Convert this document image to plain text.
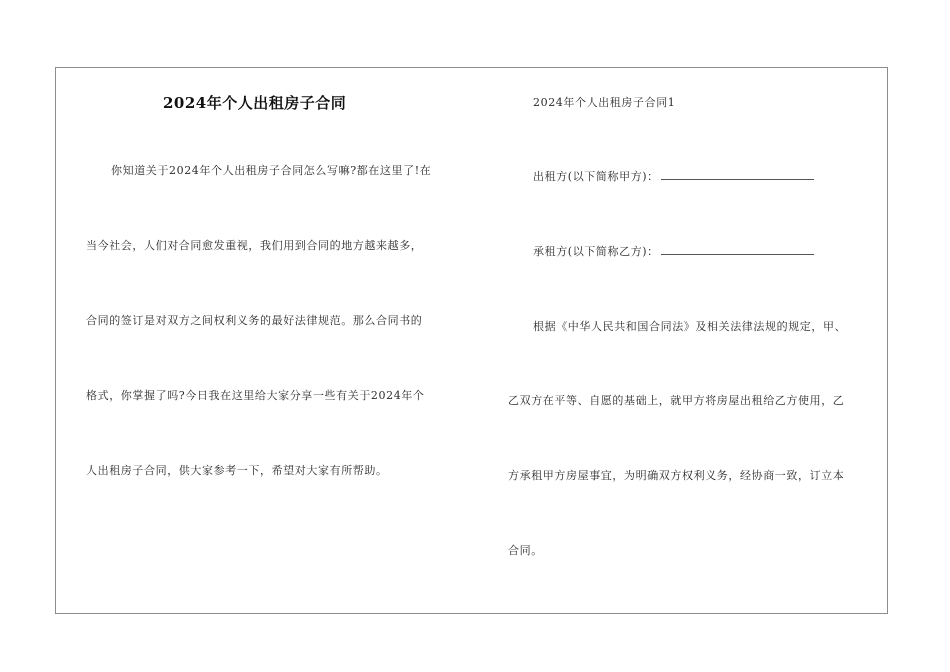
2024年个人出租房子合同
你知道关于2024年个人出租房子合同怎么写嘛?都在这里了!在
当今社会，人们对合同愈发重视，我们用到合同的地方越来越多，
合同的签订是对双方之间权利义务的最好法律规范。那么合同书的
格式，你掌握了吗?今日我在这里给大家分享一些有关于2024年个
人出租房子合同，供大家参考一下，希望对大家有所帮助。
2024年个人出租房子合同1
出租方(以下简称甲方)：
承租方(以下简称乙方)：
根据《中华人民共和国合同法》及相关法律法规的规定，甲、
乙双方在平等、自愿的基础上，就甲方将房屋出租给乙方使用，乙
方承租甲方房屋事宜，为明确双方权利义务，经协商一致，订立本
合同。
